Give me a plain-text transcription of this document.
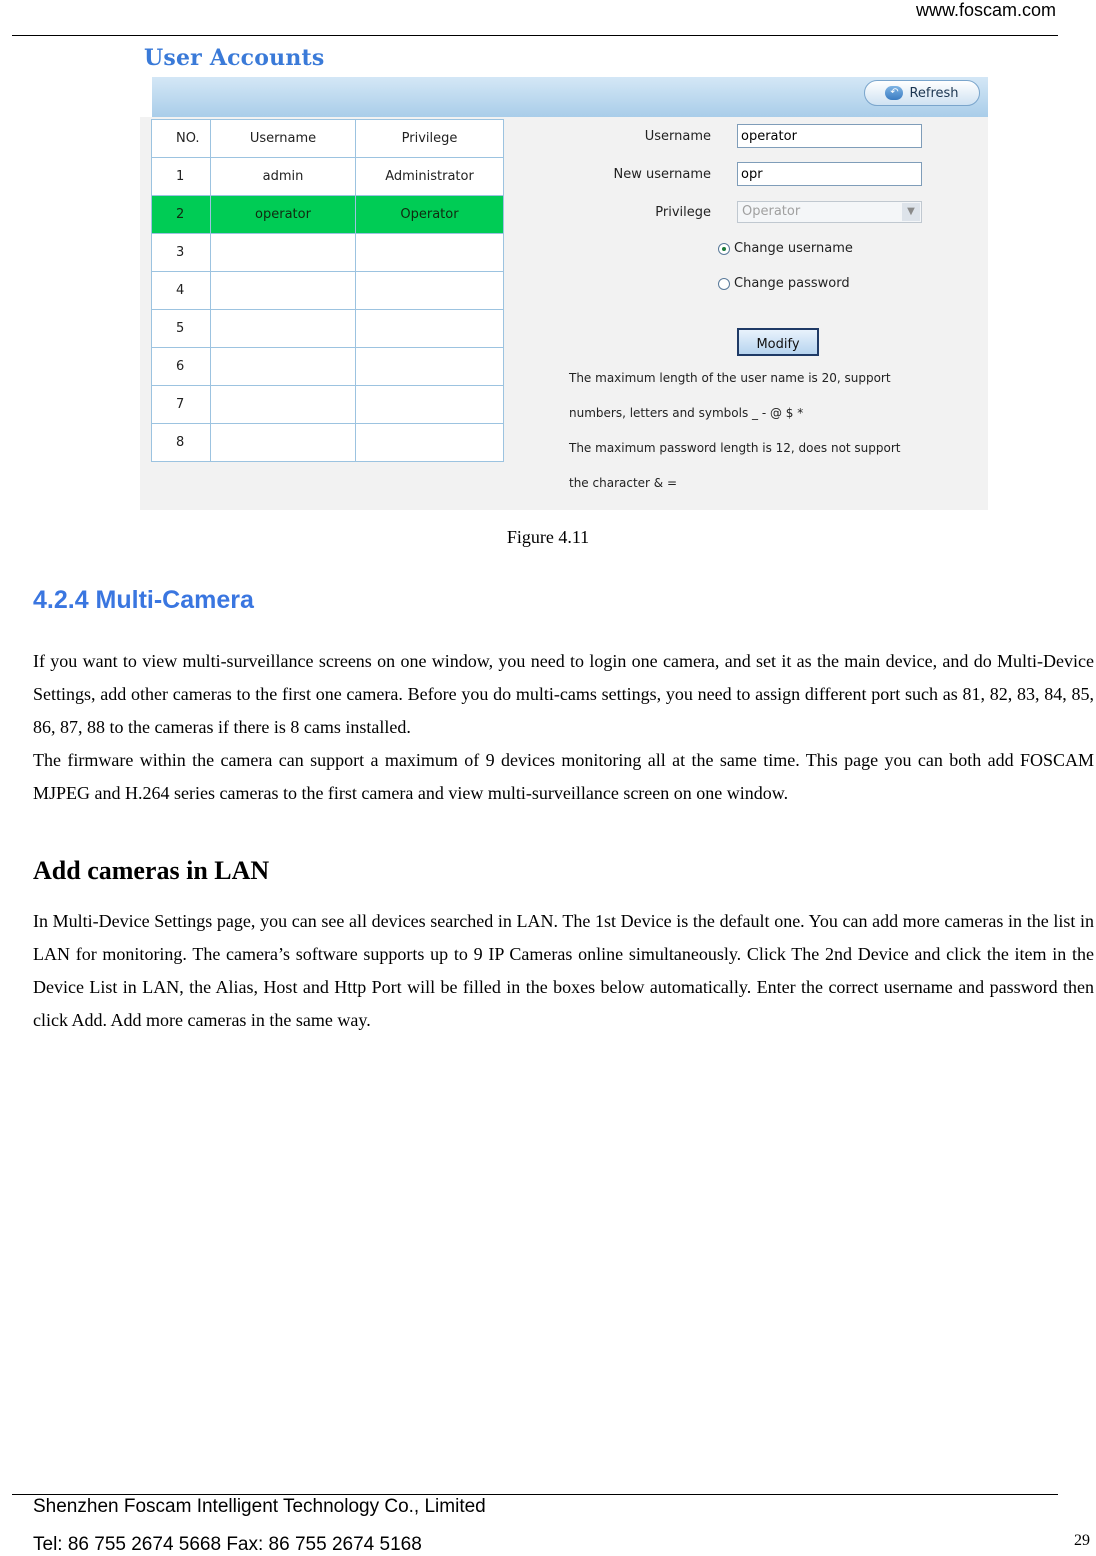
www.foscam.com
User Accounts
↶ Refresh
NO.	Username	Privilege
1	admin	Administrator
2	operator	Operator
3		
4		
5		
6		
7		
8		
Username
operator
New username
opr
Privilege	Operator	▼
Change username
Change password
Modify
The maximum length of the user name is 20, support
numbers, letters and symbols _ - @ $ *
The maximum password length is 12, does not support
the character & =
Figure 4.11
4.2.4 Multi-Camera
If you want to view multi-surveillance screens on one window, you need to login one camera, and set it as the main device, and do Multi-Device Settings, add other cameras to the first one camera. Before you do multi-cams settings, you need to assign different port such as 81, 82, 83, 84, 85, 86, 87, 88 to the cameras if there is 8 cams installed.
The firmware within the camera can support a maximum of 9 devices monitoring all at the same time. This page you can both add FOSCAM MJPEG and H.264 series cameras to the first camera and view multi-surveillance screen on one window.
Add cameras in LAN
In Multi-Device Settings page, you can see all devices searched in LAN. The 1st Device is the default one. You can add more cameras in the list in LAN for monitoring. The camera’s software supports up to 9 IP Cameras online simultaneously. Click The 2nd Device and click the item in the Device List in LAN, the Alias, Host and Http Port will be filled in the boxes below automatically. Enter the correct username and password then click Add. Add more cameras in the same way.
Shenzhen Foscam Intelligent Technology Co., Limited
Tel: 86 755 2674 5668 Fax: 86 755 2674 5168	29
